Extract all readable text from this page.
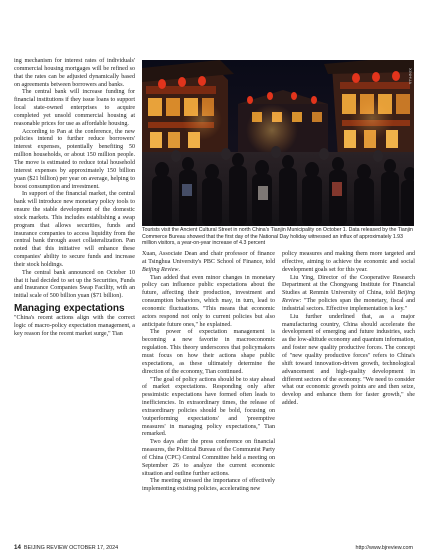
ing mechanism for interest rates of individuals' commercial housing mortgages will be refined so that the rates can be adjusted dynamically based on agreements between borrowers and banks.

The central bank will increase funding for financial institutions if they issue loans to support local state-owned enterprises to acquire completed yet unsold commercial housing at reasonable prices for use as affordable housing.

According to Pan at the conference, the new policies intend to further reduce borrowers' interest expenses, potentially benefiting 50 million households, or about 150 million people. The move is estimated to reduce total household interest expenses by approximately 150 billion yuan ($21 billion) per year on average, helping to boost consumption and investment.

In support of the financial market, the central bank will introduce new monetary policy tools to ensure the stable development of the domestic stock markets. This includes establishing a swap program that allows securities, funds and insurance companies to access liquidity from the central bank through asset collateralization. Pan noted that this initiative will enhance these companies' ability to secure funds and increase their stock holdings.

The central bank announced on October 10 that it had decided to set up the Securities, Funds and Insurance Companies Swap Facility, with an initial scale of 500 billion yuan ($71 billion).

Managing expectations

"China's recent actions align with the correct logic of macro-policy expectation management, a key reason for the recent market surge," Tian

XINHUA
Tourists visit the Ancient Cultural Street in north China's Tianjin Municipality on October 1. Data released by the Tianjin Commerce Bureau showed that the first day of the National Day holiday witnessed an influx of approximately 1.93 million visitors, a year-on-year increase of 4.3 percent

Xuan, Associate Dean and chair professor of finance at Tsinghua University's PBC School of Finance, told Beijing Review.

Tian added that even minor changes in monetary policy can influence public expectations about the future, affecting their production, investment and consumption behaviors, which may, in turn, lead to economic fluctuations. "This means that economic actors respond not only to current policies but also anticipate future ones," he explained.

The power of expectation management is becoming a new favorite in macroeconomic regulation. This theory underscores that policymakers must focus on how their actions shape public expectations, as these ultimately determine the direction of the economy, Tian continued.

"The goal of policy actions should be to stay ahead of market expectations. Responding only after pessimistic expectations have formed often leads to inefficiencies. In extraordinary times, the release of extraordinary policies should be bold, focusing on 'outperforming expectations' and 'preemptive measures' in managing policy expectations," Tian remarked.

Two days after the press conference on financial measures, the Political Bureau of the Communist Party of China (CPC) Central Committee held a meeting on September 26 to analyze the current economic situation and outline further actions.

The meeting stressed the importance of effectively implementing existing policies, accelerating new

policy measures and making them more targeted and effective, aiming to achieve the economic and social development goals set for this year.

Liu Ying, Director of the Cooperative Research Department at the Chongyang Institute for Financial Studies at Renmin University of China, told Beijing Review: "The policies span the monetary, fiscal and industrial sectors. Effective implementation is key."

Liu further underlined that, as a major manufacturing country, China should accelerate the development of emerging and future industries, such as the low-altitude economy and quantum information, and foster new quality productive forces. The concept of "new quality productive forces" refers to China's shift toward innovation-driven growth, technological advancement and high-quality development in different sectors of the economy. "We need to consider what our economic growth points are and then seize, develop and enhance them for faster growth," she added.

14 BEIJING REVIEW OCTOBER 17, 2024	http://www.bjreview.com
